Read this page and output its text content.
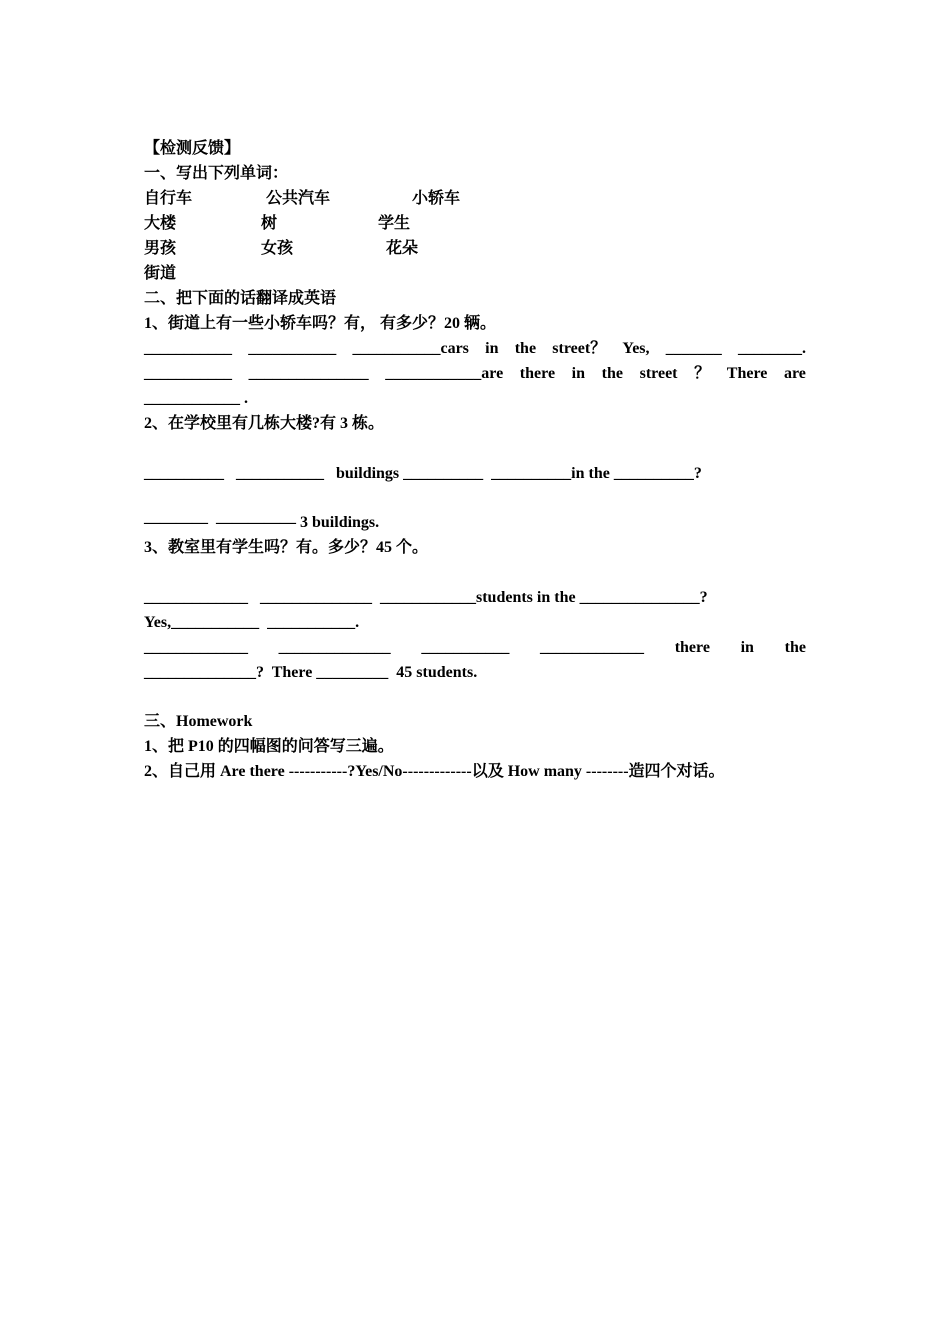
【检测反馈】
一、写出下列单词：
自行车	公共汽车	小轿车
大楼	树	学生
男孩	女孩	花朵
街道
二、把下面的话翻译成英语
1、街道上有一些小轿车吗？有， 有多少？20 辆。
___________ ___________ ___________cars in the street？ Yes, _______ ________.
___________ _______________ ____________are there in the street ？ There are
____________ .
2、在学校里有几栋大楼?有 3 栋。
__________   ___________   buildings __________  __________in the __________?
————  ————— 3 buildings.
3、教室里有学生吗？有。多少？45 个。
_____________   ______________  ____________students in the _______________?
Yes,___________  ___________.
_____________ ______________ ___________ _____________ there in the
______________?  There _________  45 students.
三、Homework
1、把 P10 的四幅图的问答写三遍。
2、自己用 Are there -----------?Yes/No-------------以及 How many --------造四个对话。
